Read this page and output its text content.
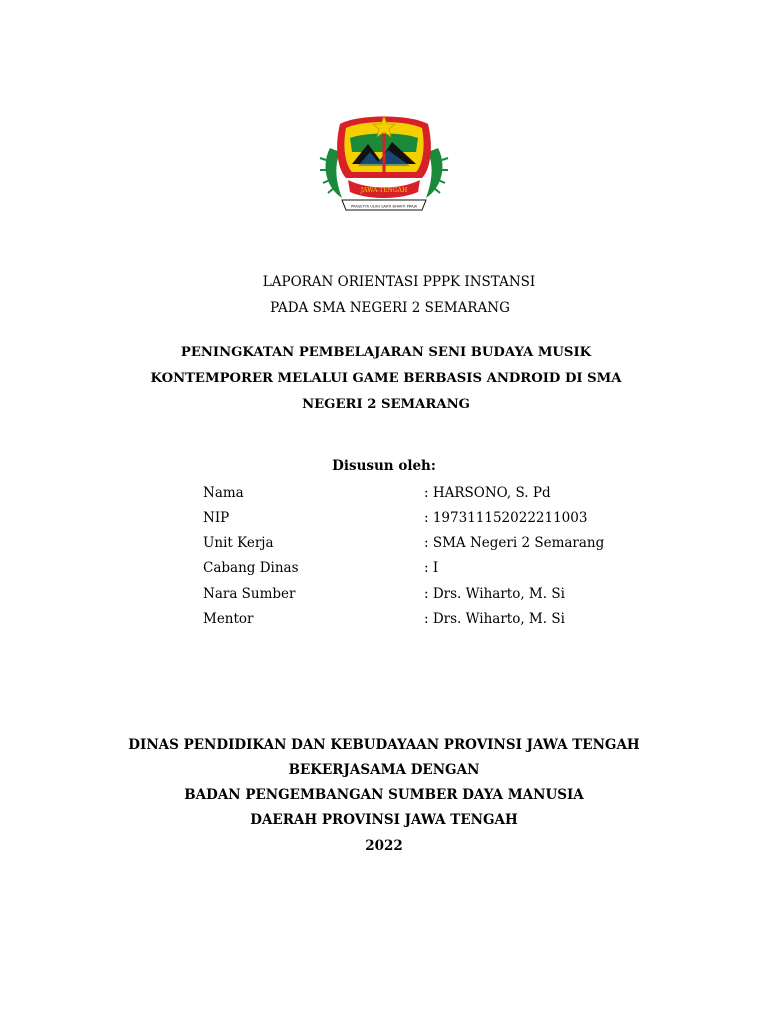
JAWA-TENGAH
PRASETYA ULAH SAKTI BHAKTI PRAJA
LAPORAN ORIENTASI PPPK INSTANSI
PADA SMA NEGERI 2 SEMARANG
PENINGKATAN PEMBELAJARAN SENI BUDAYA MUSIK
KONTEMPORER MELALUI GAME BERBASIS ANDROID DI SMA
NEGERI 2 SEMARANG
Disusun oleh:
Nama	: HARSONO, S. Pd
NIP	: 197311152022211003
Unit Kerja	: SMA Negeri 2 Semarang
Cabang Dinas	: I
Nara Sumber	: Drs. Wiharto, M. Si
Mentor	: Drs. Wiharto, M. Si
DINAS PENDIDIKAN DAN KEBUDAYAAN PROVINSI JAWA TENGAH
BEKERJASAMA DENGAN
BADAN PENGEMBANGAN SUMBER DAYA MANUSIA
DAERAH PROVINSI JAWA TENGAH
2022
